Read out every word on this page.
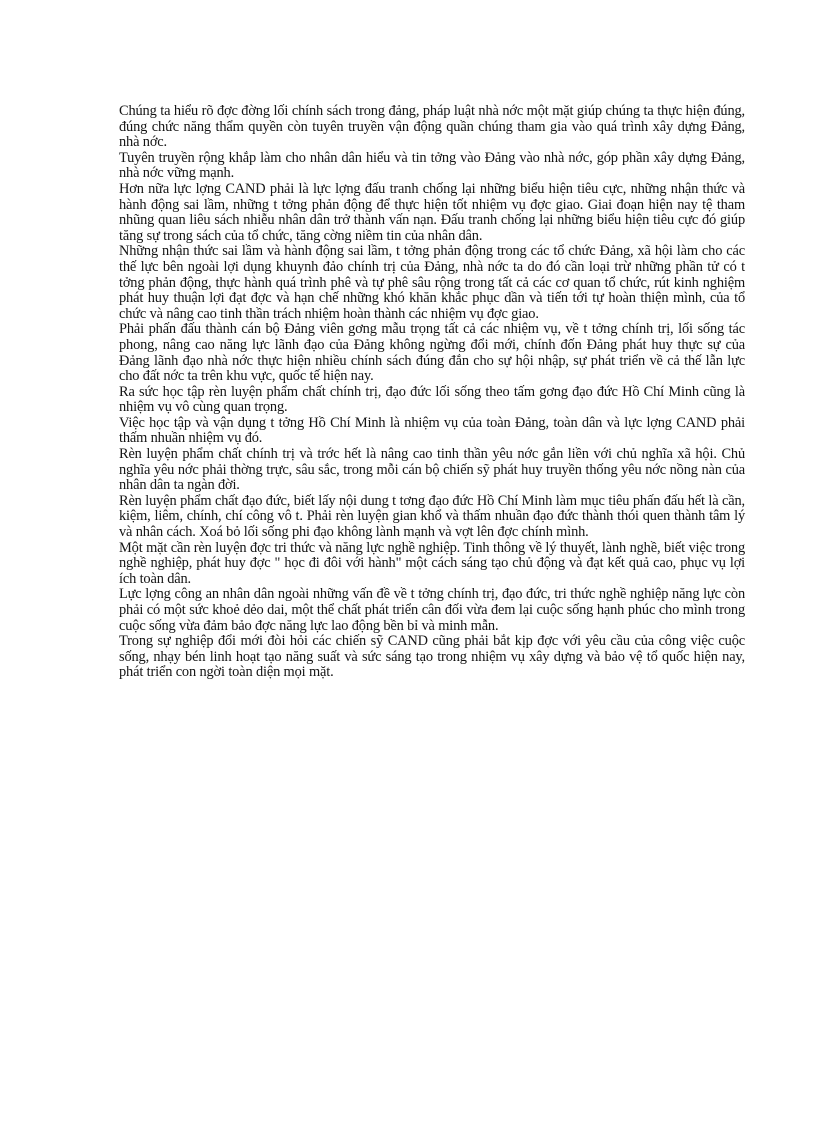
Chúng ta hiểu rõ đợc đờng lối chính sách trong đảng, pháp luật nhà nớc một mặt giúp chúng ta thực hiện đúng, đúng chức năng thẩm quyền còn tuyên truyền vận động quần chúng tham gia vào quá trình xây dựng Đảng, nhà nớc.

Tuyên truyền rộng khắp làm cho nhân dân hiểu và tin tởng vào Đảng vào nhà nớc, góp phần xây dựng Đảng, nhà nớc vững mạnh.

Hơn nữa lực lợng CAND phải là lực lợng đấu tranh chống lại những biểu hiện tiêu cực, những nhận thức và hành động sai lầm, những t tởng phản động để thực hiện tốt nhiệm vụ đợc giao. Giai đoạn hiện nay tệ tham nhũng quan liêu sách nhiễu nhân dân trở thành vấn nạn. Đấu tranh chống lại những biểu hiện tiêu cực đó giúp tăng sự trong sách của tổ chức, tăng cờng niềm tin của nhân dân.

Những nhận thức sai lầm và hành động sai lầm, t tởng phản động trong các tổ chức Đảng, xã hội làm cho các thế lực bên ngoài lợi dụng khuynh đảo chính trị của Đảng, nhà nớc ta do đó cần loại trừ những phần tử có t tởng phản động, thực hành quá trình phê và tự phê sâu rộng trong tất cả các cơ quan tổ chức, rút kinh nghiệm phát huy thuận lợi đạt đợc và hạn chế những khó khăn khắc phục dần và tiến tới tự hoàn thiện mình, của tổ chức và nâng cao tinh thần trách nhiệm hoàn thành các nhiệm vụ đợc giao.

Phải phấn đấu thành cán bộ Đảng viên gơng mẫu trọng tất cả các nhiệm vụ, về t tởng chính trị, lối sống tác phong, nâng cao năng lực lãnh đạo của Đảng không ngừng đổi mới, chính đốn Đảng phát huy thực sự của Đảng lãnh đạo nhà nớc thực hiện nhiều chính sách đúng đắn cho sự hội nhập, sự phát triển về cả thế lẫn lực cho đất nớc ta trên khu vực, quốc tế hiện nay.

Ra sức học tập rèn luyện phẩm chất chính trị, đạo đức lối sống theo tấm gơng đạo đức Hồ Chí Minh cũng là nhiệm vụ vô cùng quan trọng.

Việc học tập và vận dụng t tởng Hồ Chí Minh là nhiệm vụ của toàn Đảng, toàn dân và lực lợng CAND phải thấm nhuần nhiệm vụ đó.

Rèn luyện phẩm chất chính trị và trớc hết là nâng cao tinh thần yêu nớc gắn liền với chủ nghĩa xã hội. Chủ nghĩa yêu nớc phải thờng trực, sâu sắc, trong mỗi cán bộ chiến sỹ phát huy truyền thống yêu nớc nồng nàn của nhân dân ta ngàn đời.

Rèn luyện phẩm chất đạo đức, biết lấy nội dung t tơng đạo đức Hồ Chí Minh làm mục tiêu phấn đấu hết là cần, kiệm, liêm, chính, chí công vô t. Phải rèn luyện gian khổ và thấm nhuần đạo đức thành thói quen thành tâm lý và nhân cách. Xoá bỏ lối sống phi đạo không lành mạnh và vợt lên đợc chính mình.

Một mặt cần rèn luyện đợc tri thức và năng lực nghề nghiệp. Tinh thông về lý thuyết, lành nghề, biết việc trong nghề nghiệp, phát huy đợc " học đi đôi với hành" một cách sáng tạo chủ động và đạt kết quả cao, phục vụ lợi ích toàn dân.

Lực lợng công an nhân dân ngoài những vấn đề về t tởng chính trị, đạo đức, tri thức nghề nghiệp năng lực còn phải có một sức khoẻ dẻo dai, một thể chất phát triển cân đối vừa đem lại cuộc sống hạnh phúc cho mình trong cuộc sống vừa đảm bảo đợc năng lực lao động bền bỉ và minh mẫn.

Trong sự nghiệp đổi mới đòi hỏi các chiến sỹ CAND cũng phải bắt kịp đợc với yêu cầu của công việc cuộc sống, nhạy bén linh hoạt tạo năng suất và sức sáng tạo trong nhiệm vụ xây dựng và bảo vệ tổ quốc hiện nay, phát triển con ngời toàn diện mọi mặt.
